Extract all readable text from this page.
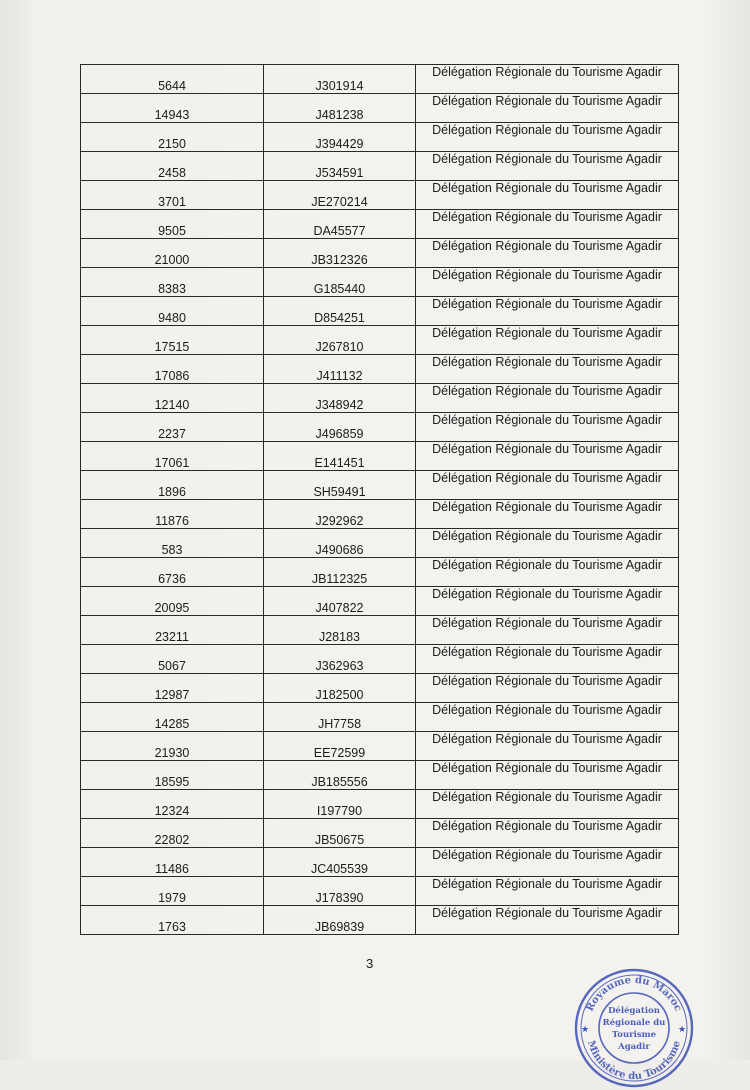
5644	J301914	Délégation Régionale du Tourisme Agadir
14943	J481238	Délégation Régionale du Tourisme Agadir
2150	J394429	Délégation Régionale du Tourisme Agadir
2458	J534591	Délégation Régionale du Tourisme Agadir
3701	JE270214	Délégation Régionale du Tourisme Agadir
9505	DA45577	Délégation Régionale du Tourisme Agadir
21000	JB312326	Délégation Régionale du Tourisme Agadir
8383	G185440	Délégation Régionale du Tourisme Agadir
9480	D854251	Délégation Régionale du Tourisme Agadir
17515	J267810	Délégation Régionale du Tourisme Agadir
17086	J411132	Délégation Régionale du Tourisme Agadir
12140	J348942	Délégation Régionale du Tourisme Agadir
2237	J496859	Délégation Régionale du Tourisme Agadir
17061	E141451	Délégation Régionale du Tourisme Agadir
1896	SH59491	Délégation Régionale du Tourisme Agadir
11876	J292962	Délégation Régionale du Tourisme Agadir
583	J490686	Délégation Régionale du Tourisme Agadir
6736	JB112325	Délégation Régionale du Tourisme Agadir
20095	J407822	Délégation Régionale du Tourisme Agadir
23211	J28183	Délégation Régionale du Tourisme Agadir
5067	J362963	Délégation Régionale du Tourisme Agadir
12987	J182500	Délégation Régionale du Tourisme Agadir
14285	JH7758	Délégation Régionale du Tourisme Agadir
21930	EE72599	Délégation Régionale du Tourisme Agadir
18595	JB185556	Délégation Régionale du Tourisme Agadir
12324	I197790	Délégation Régionale du Tourisme Agadir
22802	JB50675	Délégation Régionale du Tourisme Agadir
11486	JC405539	Délégation Régionale du Tourisme Agadir
1979	J178390	Délégation Régionale du Tourisme Agadir
1763	JB69839	Délégation Régionale du Tourisme Agadir
3
Royaume du Maroc
Ministère du Tourisme
★	★
Délégation
Régionale du
Tourisme
Agadir
